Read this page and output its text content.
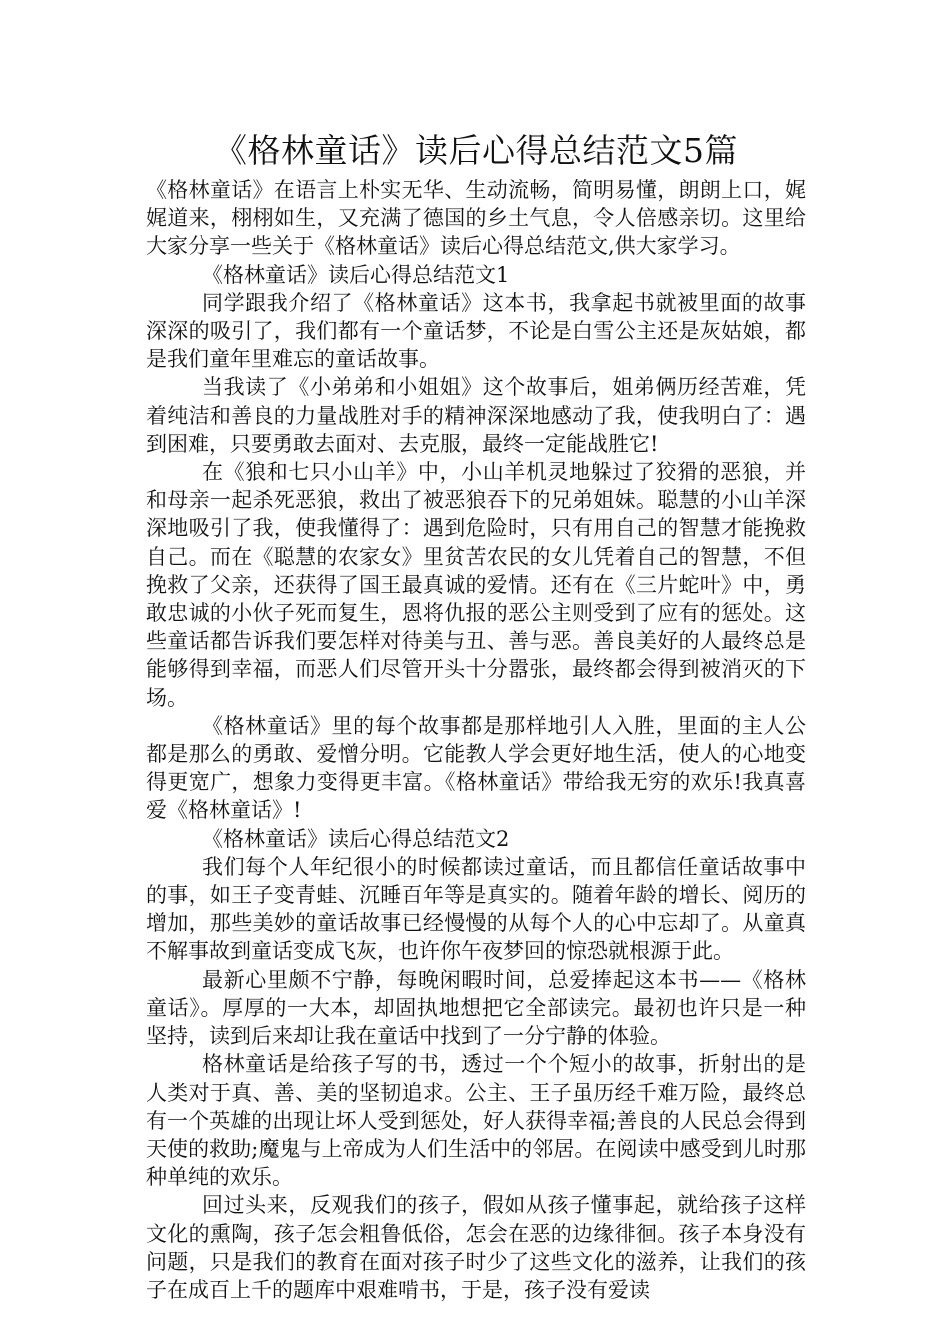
《格林童话》读后心得总结范文5篇

《格林童话》在语言上朴实无华、生动流畅，简明易懂，朗朗上口，娓娓道来，栩栩如生，又充满了德国的乡土气息，令人倍感亲切。这里给大家分享一些关于《格林童话》读后心得总结范文,供大家学习。

《格林童话》读后心得总结范文1

同学跟我介绍了《格林童话》这本书，我拿起书就被里面的故事深深的吸引了，我们都有一个童话梦，不论是白雪公主还是灰姑娘，都是我们童年里难忘的童话故事。

当我读了《小弟弟和小姐姐》这个故事后，姐弟俩历经苦难，凭着纯洁和善良的力量战胜对手的精神深深地感动了我，使我明白了：遇到困难，只要勇敢去面对、去克服，最终一定能战胜它!

在《狼和七只小山羊》中，小山羊机灵地躲过了狡猾的恶狼，并和母亲一起杀死恶狼，救出了被恶狼吞下的兄弟姐妹。聪慧的小山羊深深地吸引了我，使我懂得了：遇到危险时，只有用自己的智慧才能挽救自己。而在《聪慧的农家女》里贫苦农民的女儿凭着自己的智慧，不但挽救了父亲，还获得了国王最真诚的爱情。还有在《三片蛇叶》中，勇敢忠诚的小伙子死而复生，恩将仇报的恶公主则受到了应有的惩处。这些童话都告诉我们要怎样对待美与丑、善与恶。善良美好的人最终总是能够得到幸福，而恶人们尽管开头十分嚣张，最终都会得到被消灭的下场。

《格林童话》里的每个故事都是那样地引人入胜，里面的主人公都是那么的勇敢、爱憎分明。它能教人学会更好地生活，使人的心地变得更宽广，想象力变得更丰富。《格林童话》带给我无穷的欢乐!我真喜爱《格林童话》!

《格林童话》读后心得总结范文2

我们每个人年纪很小的时候都读过童话，而且都信任童话故事中的事，如王子变青蛙、沉睡百年等是真实的。随着年龄的增长、阅历的增加，那些美妙的童话故事已经慢慢的从每个人的心中忘却了。从童真不解事故到童话变成飞灰，也许你午夜梦回的惊恐就根源于此。

最新心里颇不宁静，每晚闲暇时间，总爱捧起这本书——《格林童话》。厚厚的一大本，却固执地想把它全部读完。最初也许只是一种坚持，读到后来却让我在童话中找到了一分宁静的体验。

格林童话是给孩子写的书，透过一个个短小的故事，折射出的是人类对于真、善、美的坚韧追求。公主、王子虽历经千难万险，最终总有一个英雄的出现让坏人受到惩处，好人获得幸福;善良的人民总会得到天使的救助;魔鬼与上帝成为人们生活中的邻居。在阅读中感受到儿时那种单纯的欢乐。

回过头来，反观我们的孩子，假如从孩子懂事起，就给孩子这样文化的熏陶，孩子怎会粗鲁低俗，怎会在恶的边缘徘徊。孩子本身没有问题，只是我们的教育在面对孩子时少了这些文化的滋养，让我们的孩子在成百上千的题库中艰难啃书，于是，孩子没有爱读
